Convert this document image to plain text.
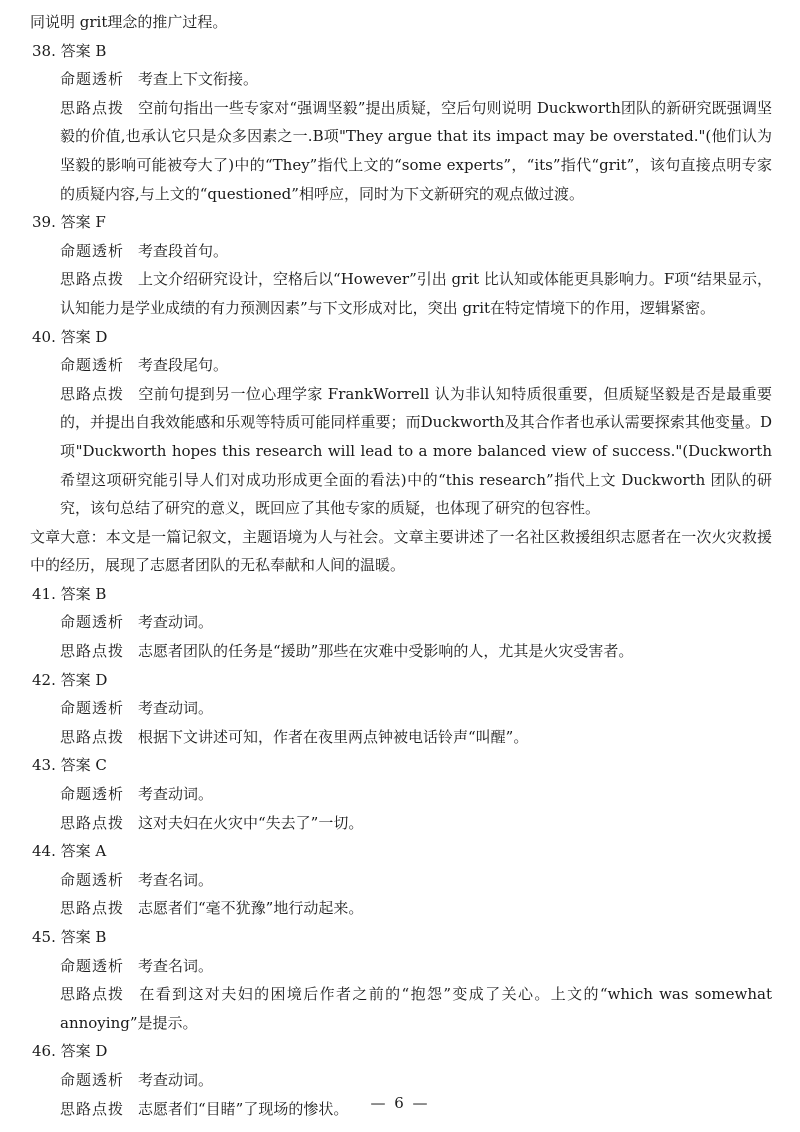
同说明 grit理念的推广过程。
38. 答案 B
命题透析 考查上下文衔接。
思路点拨 空前句指出一些专家对“强调坚毅”提出质疑，空后句则说明 Duckworth团队的新研究既强调坚毅的价值,也承认它只是众多因素之一.B项"They argue that its impact may be overstated."(他们认为坚毅的影响可能被夸大了)中的“They”指代上文的“some experts”，“its”指代“grit”，该句直接点明专家的质疑内容,与上文的“questioned”相呼应，同时为下文新研究的观点做过渡。
39. 答案 F
命题透析 考查段首句。
思路点拨 上文介绍研究设计，空格后以“However”引出 grit 比认知或体能更具影响力。F项“结果显示，认知能力是学业成绩的有力预测因素”与下文形成对比，突出 grit在特定情境下的作用，逻辑紧密。
40. 答案 D
命题透析 考查段尾句。
思路点拨 空前句提到另一位心理学家 FrankWorrell 认为非认知特质很重要，但质疑坚毅是否是最重要的，并提出自我效能感和乐观等特质可能同样重要；而Duckworth及其合作者也承认需要探索其他变量。D项"Duckworth hopes this research will lead to a more balanced view of success."(Duckworth 希望这项研究能引导人们对成功形成更全面的看法)中的“this research”指代上文 Duckworth 团队的研究，该句总结了研究的意义，既回应了其他专家的质疑，也体现了研究的包容性。
文章大意：本文是一篇记叙文，主题语境为人与社会。文章主要讲述了一名社区救援组织志愿者在一次火灾救援中的经历，展现了志愿者团队的无私奉献和人间的温暖。
41. 答案 B
命题透析 考查动词。
思路点拨 志愿者团队的任务是“援助”那些在灾难中受影响的人，尤其是火灾受害者。
42. 答案 D
命题透析 考查动词。
思路点拨 根据下文讲述可知，作者在夜里两点钟被电话铃声“叫醒”。
43. 答案 C
命题透析 考查动词。
思路点拨 这对夫妇在火灾中“失去了”一切。
44. 答案 A
命题透析 考查名词。
思路点拨 志愿者们“毫不犹豫”地行动起来。
45. 答案 B
命题透析 考查名词。
思路点拨 在看到这对夫妇的困境后作者之前的“抱怨”变成了关心。上文的“which was somewhat annoying”是提示。
46. 答案 D
命题透析 考查动词。
思路点拨 志愿者们“目睹”了现场的惨状。	— 6 —
